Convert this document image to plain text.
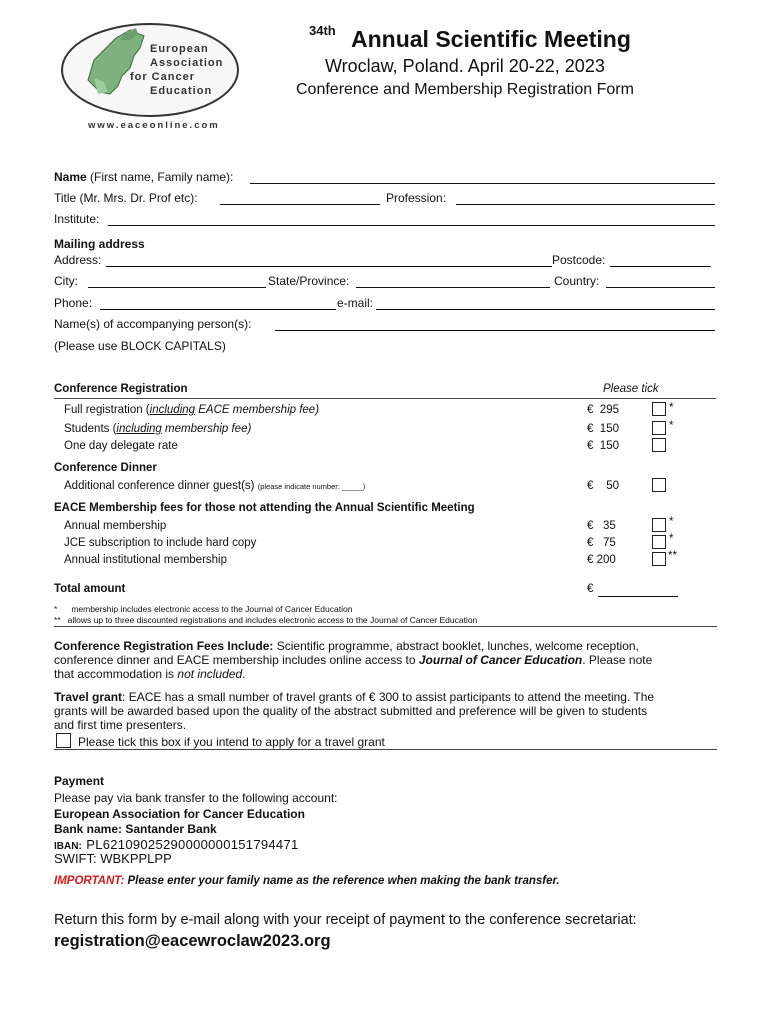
European
Association
for Cancer
Education
www.eaceonline.com
34th Annual Scientific Meeting
Wroclaw, Poland. April 20-22, 2023
Conference and Membership Registration Form
Name (First name, Family name):
Title (Mr. Mrs. Dr. Prof etc):	Profession:
Institute:
Mailing address
Address:	Postcode:
City:	State/Province:	Country:
Phone:	e-mail:
Name(s) of accompanying person(s):
(Please use BLOCK CAPITALS)
Conference Registration	Please tick
Full registration (including EACE membership fee)	€ 295	*
Students (including membership fee)	€ 150	*
One day delegate rate	€ 150
Conference Dinner
Additional conference dinner guest(s) (please indicate number: _____)	€ 50
EACE Membership fees for those not attending the Annual Scientific Meeting
Annual membership	€ 35	*
JCE subscription to include hard copy	€ 75	*
Annual institutional membership	€ 200	**
Total amount	€
* membership includes electronic access to the Journal of Cancer Education
** allows up to three discounted registrations and includes electronic access to the Journal of Cancer Education
Conference Registration Fees Include: Scientific programme, abstract booklet, lunches, welcome reception,
conference dinner and EACE membership includes online access to Journal of Cancer Education. Please note
that accommodation is not included.
Travel grant: EACE has a small number of travel grants of € 300 to assist participants to attend the meeting. The
grants will be awarded based upon the quality of the abstract submitted and preference will be given to students
and first time presenters.
Please tick this box if you intend to apply for a travel grant
Payment
Please pay via bank transfer to the following account:
European Association for Cancer Education
Bank name: Santander Bank
IBAN: PL62109025290000000151794471
SWIFT: WBKPPLPP
IMPORTANT: Please enter your family name as the reference when making the bank transfer.
Return this form by e-mail along with your receipt of payment to the conference secretariat:
registration@eacewroclaw2023.org
